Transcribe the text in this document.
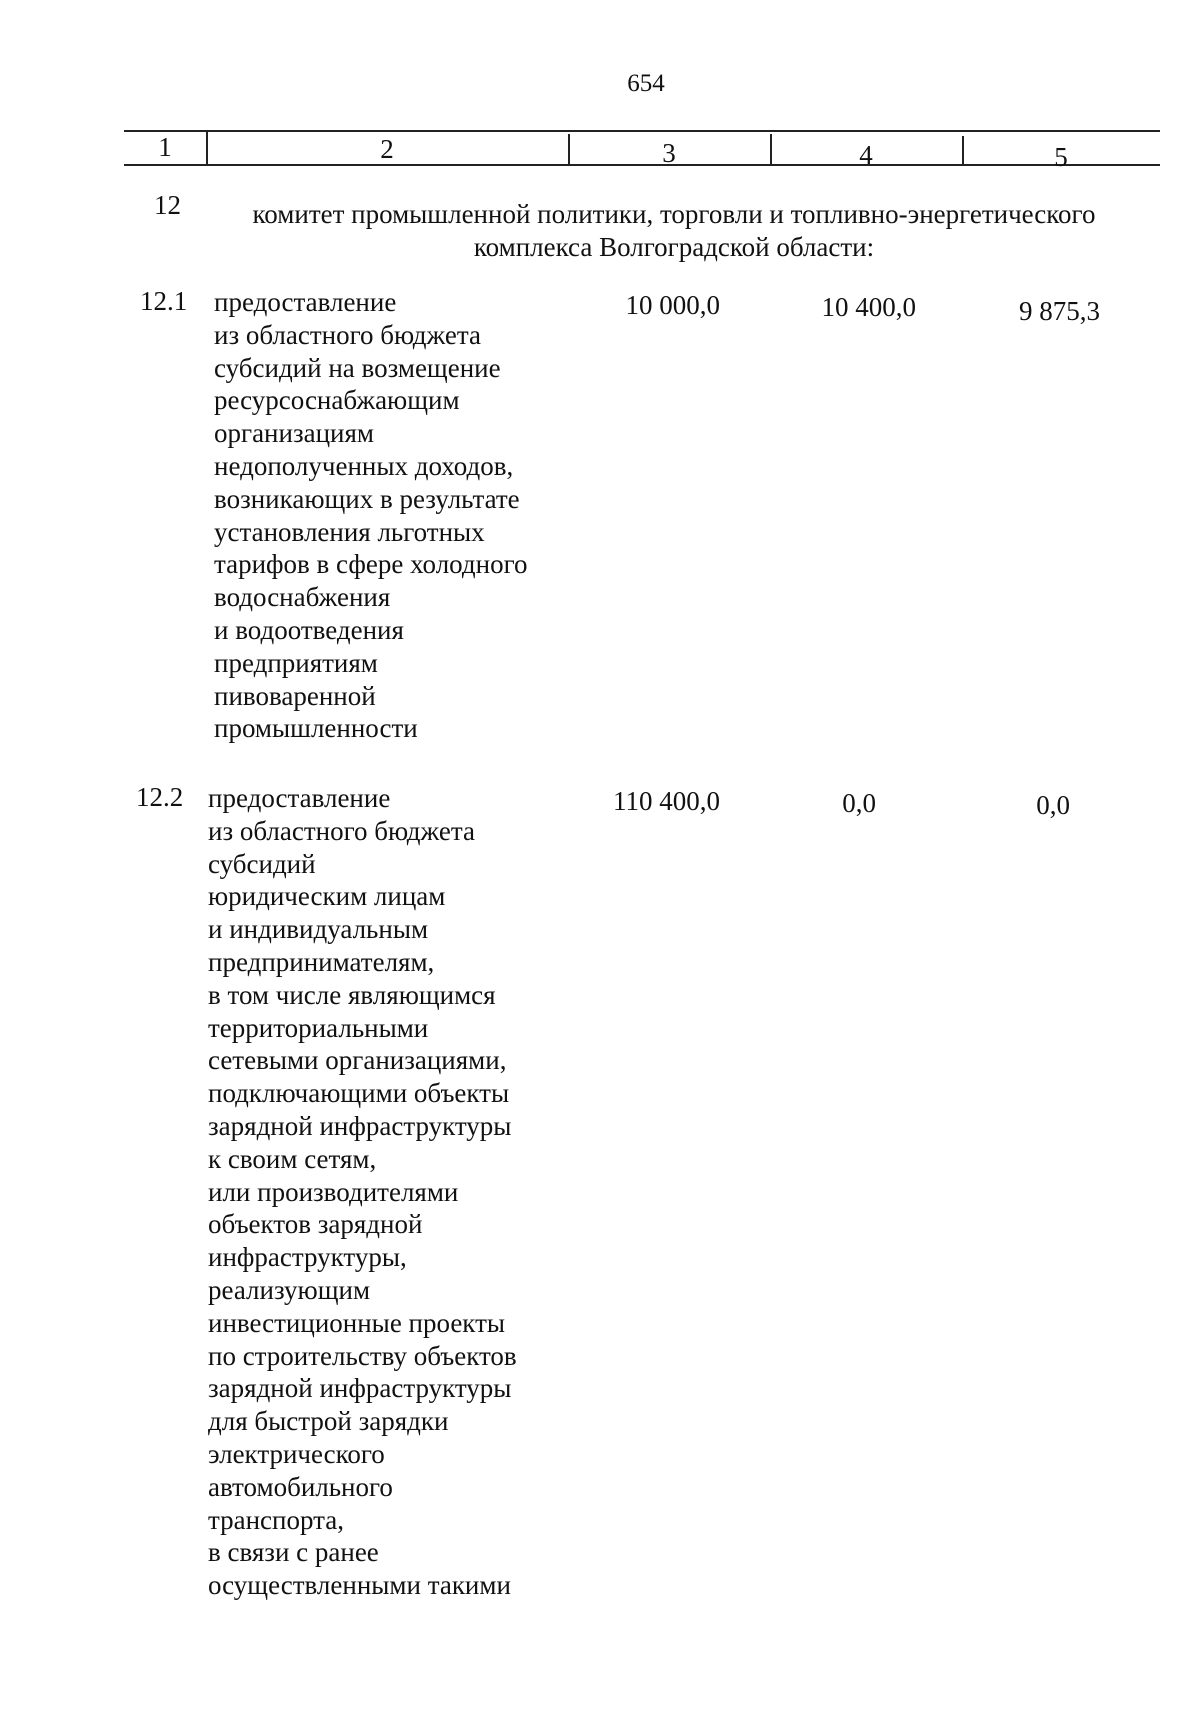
654
1	2	3	4	5
12	комитет промышленной политики, торговли и топливно-энергетического комплекса Волгоградской области:
12.1 предоставление
из областного бюджета
субсидий на возмещение
ресурсоснабжающим
организациям
недополученных доходов,
возникающих в результате
установления льготных
тарифов в сфере холодного
водоснабжения
и водоотведения
предприятиям
пивоваренной
промышленности
10 000,0	10 400,0	9 875,3
12.2 предоставление
из областного бюджета
субсидий
юридическим лицам
и индивидуальным
предпринимателям,
в том числе являющимся
территориальными
сетевыми организациями,
подключающими объекты
зарядной инфраструктуры
к своим сетям,
или производителями
объектов зарядной
инфраструктуры,
реализующим
инвестиционные проекты
по строительству объектов
зарядной инфраструктуры
для быстрой зарядки
электрического
автомобильного
транспорта,
в связи с ранее
осуществленными такими
110 400,0	0,0	0,0
